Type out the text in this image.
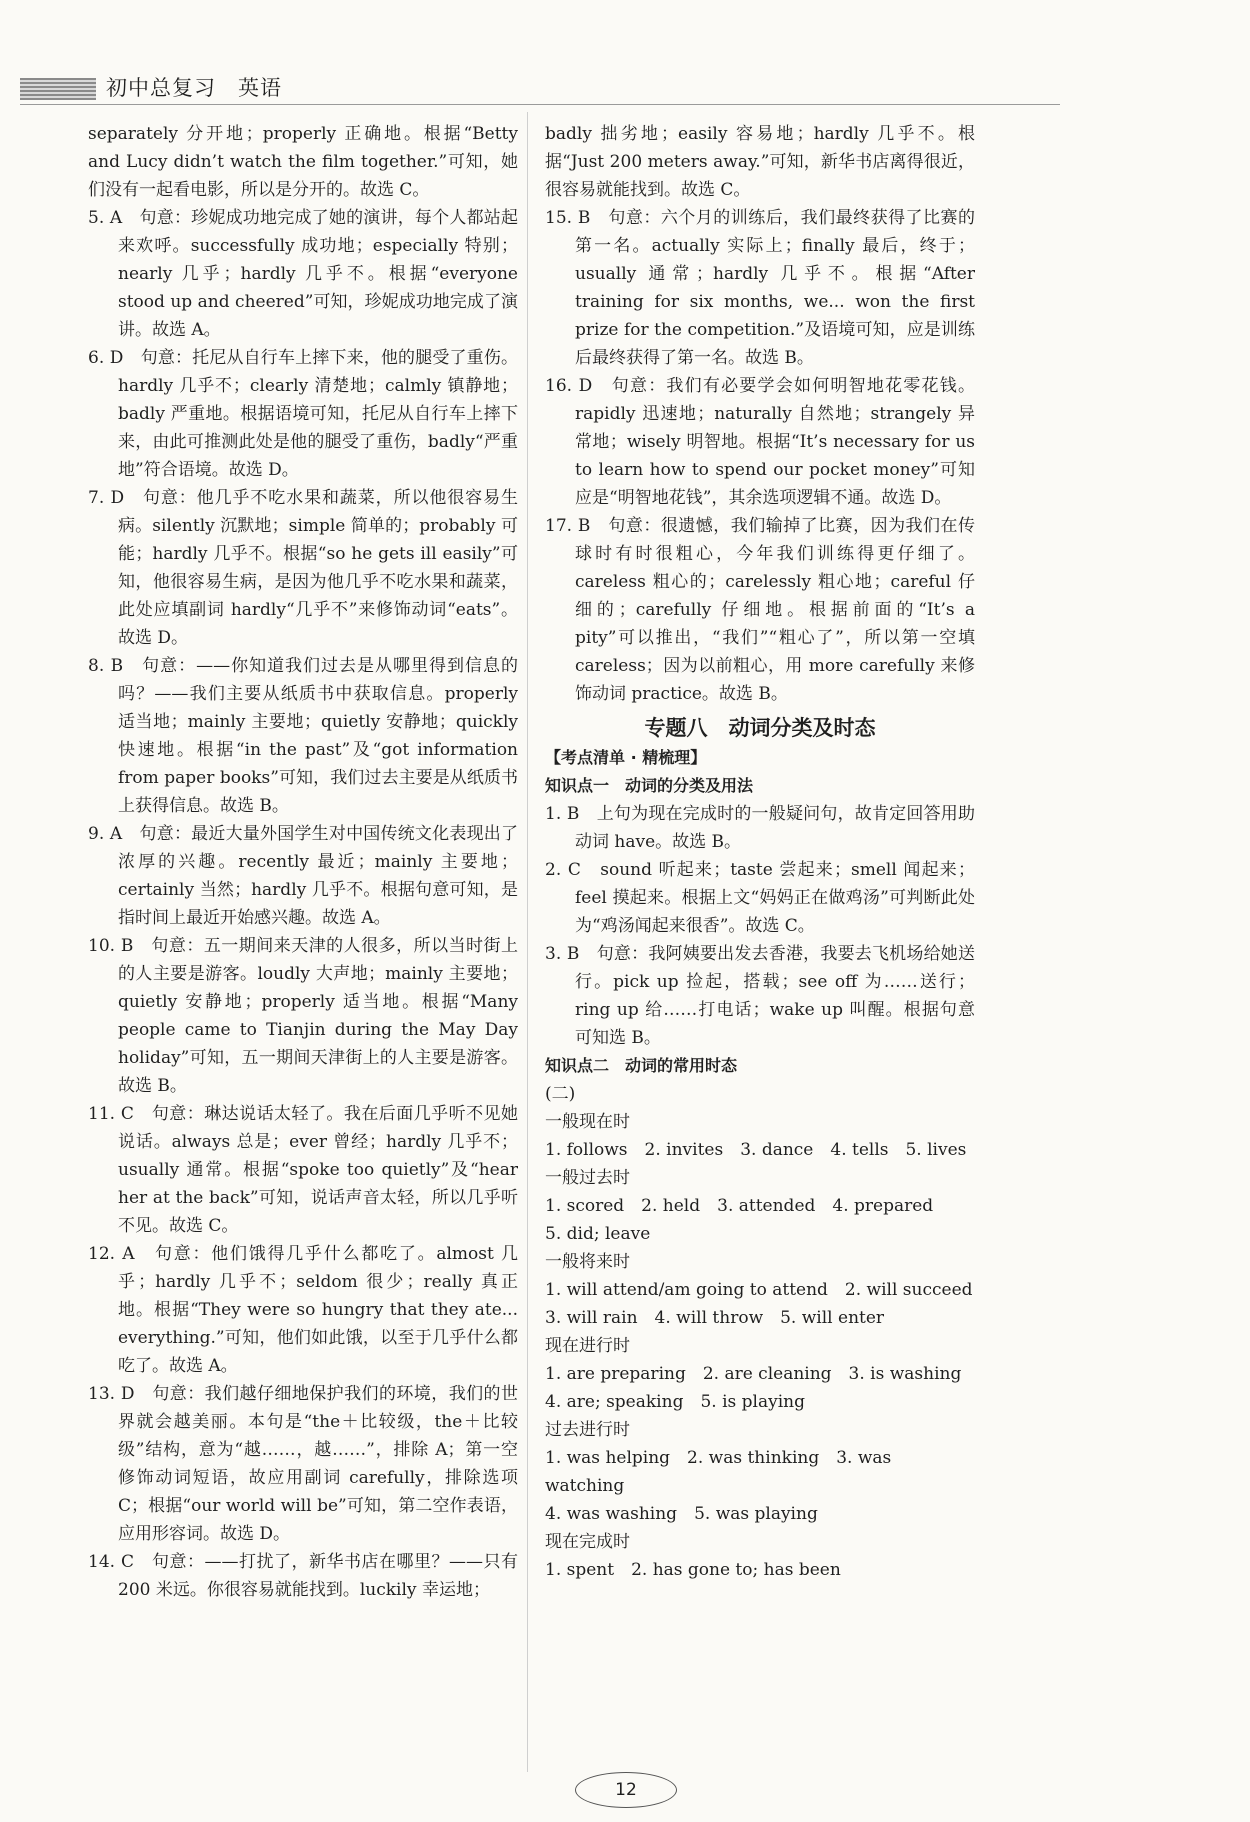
初中总复习　英语
separately 分开地；properly 正确地。根据“Betty and Lucy didn’t watch the film together.”可知，她们没有一起看电影，所以是分开的。故选 C。
5. A　句意：珍妮成功地完成了她的演讲，每个人都站起来欢呼。successfully 成功地；especially 特别；nearly 几乎；hardly 几乎不。根据“everyone stood up and cheered”可知，珍妮成功地完成了演讲。故选 A。
6. D　句意：托尼从自行车上摔下来，他的腿受了重伤。hardly 几乎不；clearly 清楚地；calmly 镇静地；badly 严重地。根据语境可知，托尼从自行车上摔下来，由此可推测此处是他的腿受了重伤，badly“严重地”符合语境。故选 D。
7. D　句意：他几乎不吃水果和蔬菜，所以他很容易生病。silently 沉默地；simple 简单的；probably 可能；hardly 几乎不。根据“so he gets ill easily”可知，他很容易生病，是因为他几乎不吃水果和蔬菜，此处应填副词 hardly“几乎不”来修饰动词“eats”。故选 D。
8. B　句意：——你知道我们过去是从哪里得到信息的吗？——我们主要从纸质书中获取信息。properly 适当地；mainly 主要地；quietly 安静地；quickly 快速地。根据“in the past”及“got information from paper books”可知，我们过去主要是从纸质书上获得信息。故选 B。
9. A　句意：最近大量外国学生对中国传统文化表现出了浓厚的兴趣。recently 最近；mainly 主要地；certainly 当然；hardly 几乎不。根据句意可知，是指时间上最近开始感兴趣。故选 A。
10. B　句意：五一期间来天津的人很多，所以当时街上的人主要是游客。loudly 大声地；mainly 主要地；quietly 安静地；properly 适当地。根据“Many people came to Tianjin during the May Day holiday”可知，五一期间天津街上的人主要是游客。故选 B。
11. C　句意：琳达说话太轻了。我在后面几乎听不见她说话。always 总是；ever 曾经；hardly 几乎不；usually 通常。根据“spoke too quietly”及“hear her at the back”可知，说话声音太轻，所以几乎听不见。故选 C。
12. A　句意：他们饿得几乎什么都吃了。almost 几乎；hardly 几乎不；seldom 很少；really 真正地。根据“They were so hungry that they ate... everything.”可知，他们如此饿，以至于几乎什么都吃了。故选 A。
13. D　句意：我们越仔细地保护我们的环境，我们的世界就会越美丽。本句是“the＋比较级，the＋比较级”结构，意为“越……，越……”，排除 A；第一空修饰动词短语，故应用副词 carefully，排除选项 C；根据“our world will be”可知，第二空作表语，应用形容词。故选 D。
14. C　句意：——打扰了，新华书店在哪里？——只有 200 米远。你很容易就能找到。luckily 幸运地；
badly 拙劣地；easily 容易地；hardly 几乎不。根据“Just 200 meters away.”可知，新华书店离得很近，很容易就能找到。故选 C。
15. B　句意：六个月的训练后，我们最终获得了比赛的第一名。actually 实际上；finally 最后，终于；usually 通常；hardly 几乎不。根据“After training for six months, we... won the first prize for the competition.”及语境可知，应是训练后最终获得了第一名。故选 B。
16. D　句意：我们有必要学会如何明智地花零花钱。rapidly 迅速地；naturally 自然地；strangely 异常地；wisely 明智地。根据“It’s necessary for us to learn how to spend our pocket money”可知应是“明智地花钱”，其余选项逻辑不通。故选 D。
17. B　句意：很遗憾，我们输掉了比赛，因为我们在传球时有时很粗心，今年我们训练得更仔细了。careless 粗心的；carelessly 粗心地；careful 仔细的；carefully 仔细地。根据前面的“It’s a pity”可以推出，“我们”“粗心了”，所以第一空填 careless；因为以前粗心，用 more carefully 来修饰动词 practice。故选 B。
专题八　动词分类及时态
【考点清单 · 精梳理】
知识点一　动词的分类及用法
1. B　上句为现在完成时的一般疑问句，故肯定回答用助动词 have。故选 B。
2. C　sound 听起来；taste 尝起来；smell 闻起来；feel 摸起来。根据上文“妈妈正在做鸡汤”可判断此处为“鸡汤闻起来很香”。故选 C。
3. B　句意：我阿姨要出发去香港，我要去飞机场给她送行。pick up 捡起，搭载；see off 为……送行；ring up 给……打电话；wake up 叫醒。根据句意可知选 B。
知识点二　动词的常用时态
(二)
一般现在时
1. follows　2. invites　3. dance　4. tells　5. lives
一般过去时
1. scored　2. held　3. attended　4. prepared
5. did; leave
一般将来时
1. will attend/am going to attend　2. will succeed
3. will rain　4. will throw　5. will enter
现在进行时
1. are preparing　2. are cleaning　3. is washing
4. are; speaking　5. is playing
过去进行时
1. was helping　2. was thinking　3. was watching
4. was washing　5. was playing
现在完成时
1. spent　2. has gone to; has been
12
